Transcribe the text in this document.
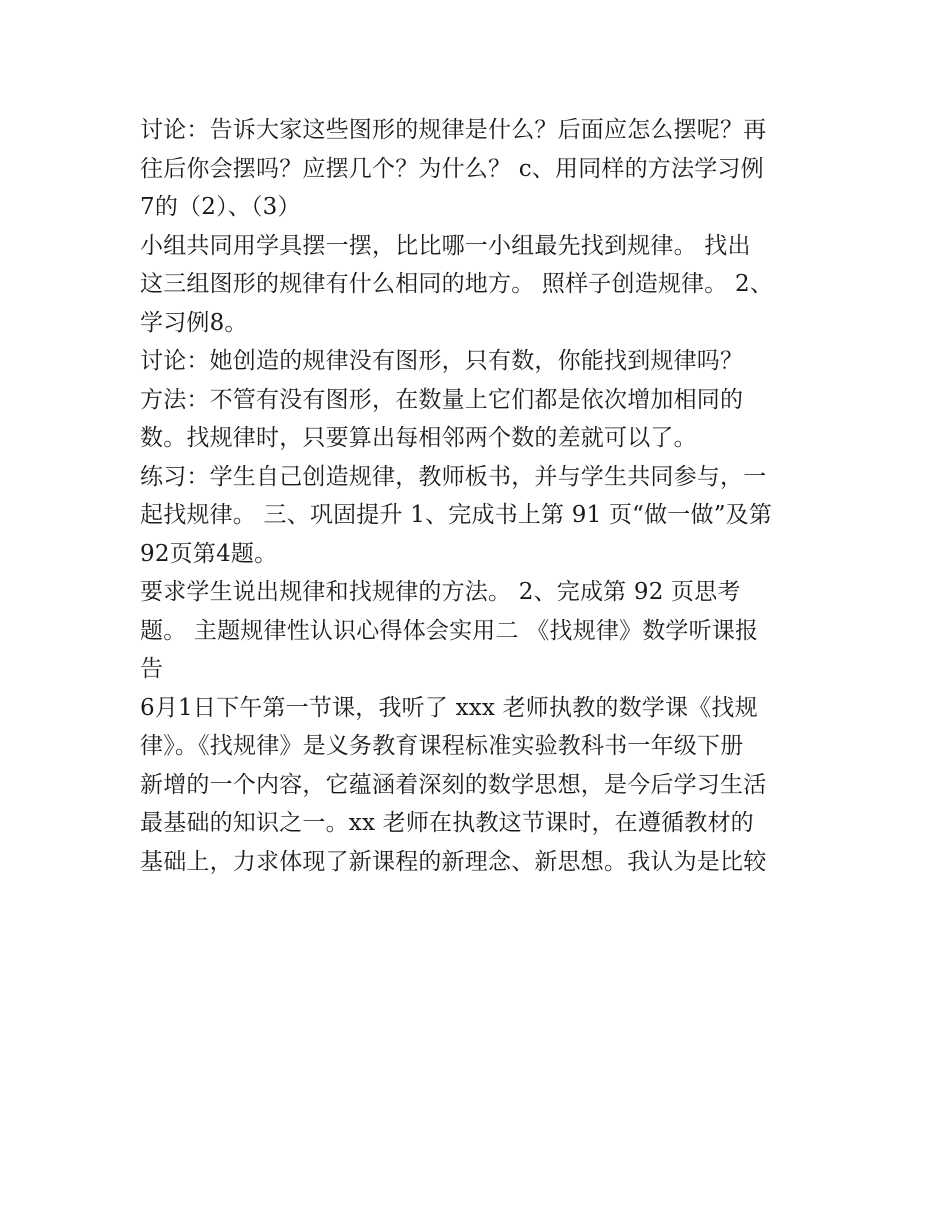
讨论：告诉大家这些图形的规律是什么？后面应怎么摆呢？再
往后你会摆吗？应摆几个？为什么？ c、用同样的方法学习例
7的（2）、（3）
小组共同用学具摆一摆，比比哪一小组最先找到规律。 找出
这三组图形的规律有什么相同的地方。 照样子创造规律。 2、
学习例8。
讨论：她创造的规律没有图形，只有数，你能找到规律吗？
方法：不管有没有图形，在数量上它们都是依次增加相同的
数。找规律时，只要算出每相邻两个数的差就可以了。
练习：学生自己创造规律，教师板书，并与学生共同参与，一
起找规律。 三、巩固提升 1、完成书上第 91 页“做一做”及第
92页第4题。
要求学生说出规律和找规律的方法。 2、完成第 92 页思考
题。 主题规律性认识心得体会实用二 《找规律》数学听课报
告
6月1日下午第一节课，我听了 xxx 老师执教的数学课《找规
律》。《找规律》是义务教育课程标准实验教科书一年级下册
新增的一个内容，它蕴涵着深刻的数学思想，是今后学习生活
最基础的知识之一。xx 老师在执教这节课时，在遵循教材的
基础上，力求体现了新课程的新理念、新思想。我认为是比较
